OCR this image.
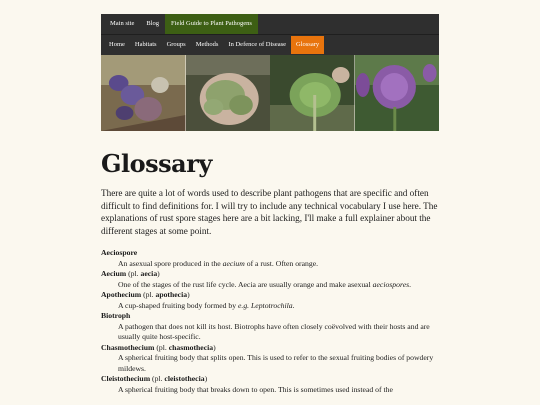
Main site	Blog	Field Guide to Plant Pathogens
Home	Habitats	Groups	Methods	In Defence of Disease	Glossary
Glossary

There are quite a lot of words used to describe plant pathogens that are specific and often difficult to find definitions for. I will try to include any technical vocabulary I use here. The explanations of rust spore stages here are a bit lacking, I'll make a full explainer about the different stages at some point.

Aeciospore
An asexual spore produced in the aecium of a rust. Often orange.
Aecium (pl. aecia)
One of the stages of the rust life cycle. Aecia are usually orange and make asexual aeciospores.
Apothecium (pl. apothecia)
A cup-shaped fruiting body formed by e.g. Leptotrochila.
Biotroph
A pathogen that does not kill its host. Biotrophs have often closely coëvolved with their hosts and are usually quite host-specific.
Chasmothecium (pl. chasmothecia)
A spherical fruiting body that splits open. This is used to refer to the sexual fruiting bodies of powdery mildews.
Cleistothecium (pl. cleistothecia)
A spherical fruiting body that breaks down to open. This is sometimes used instead of the
